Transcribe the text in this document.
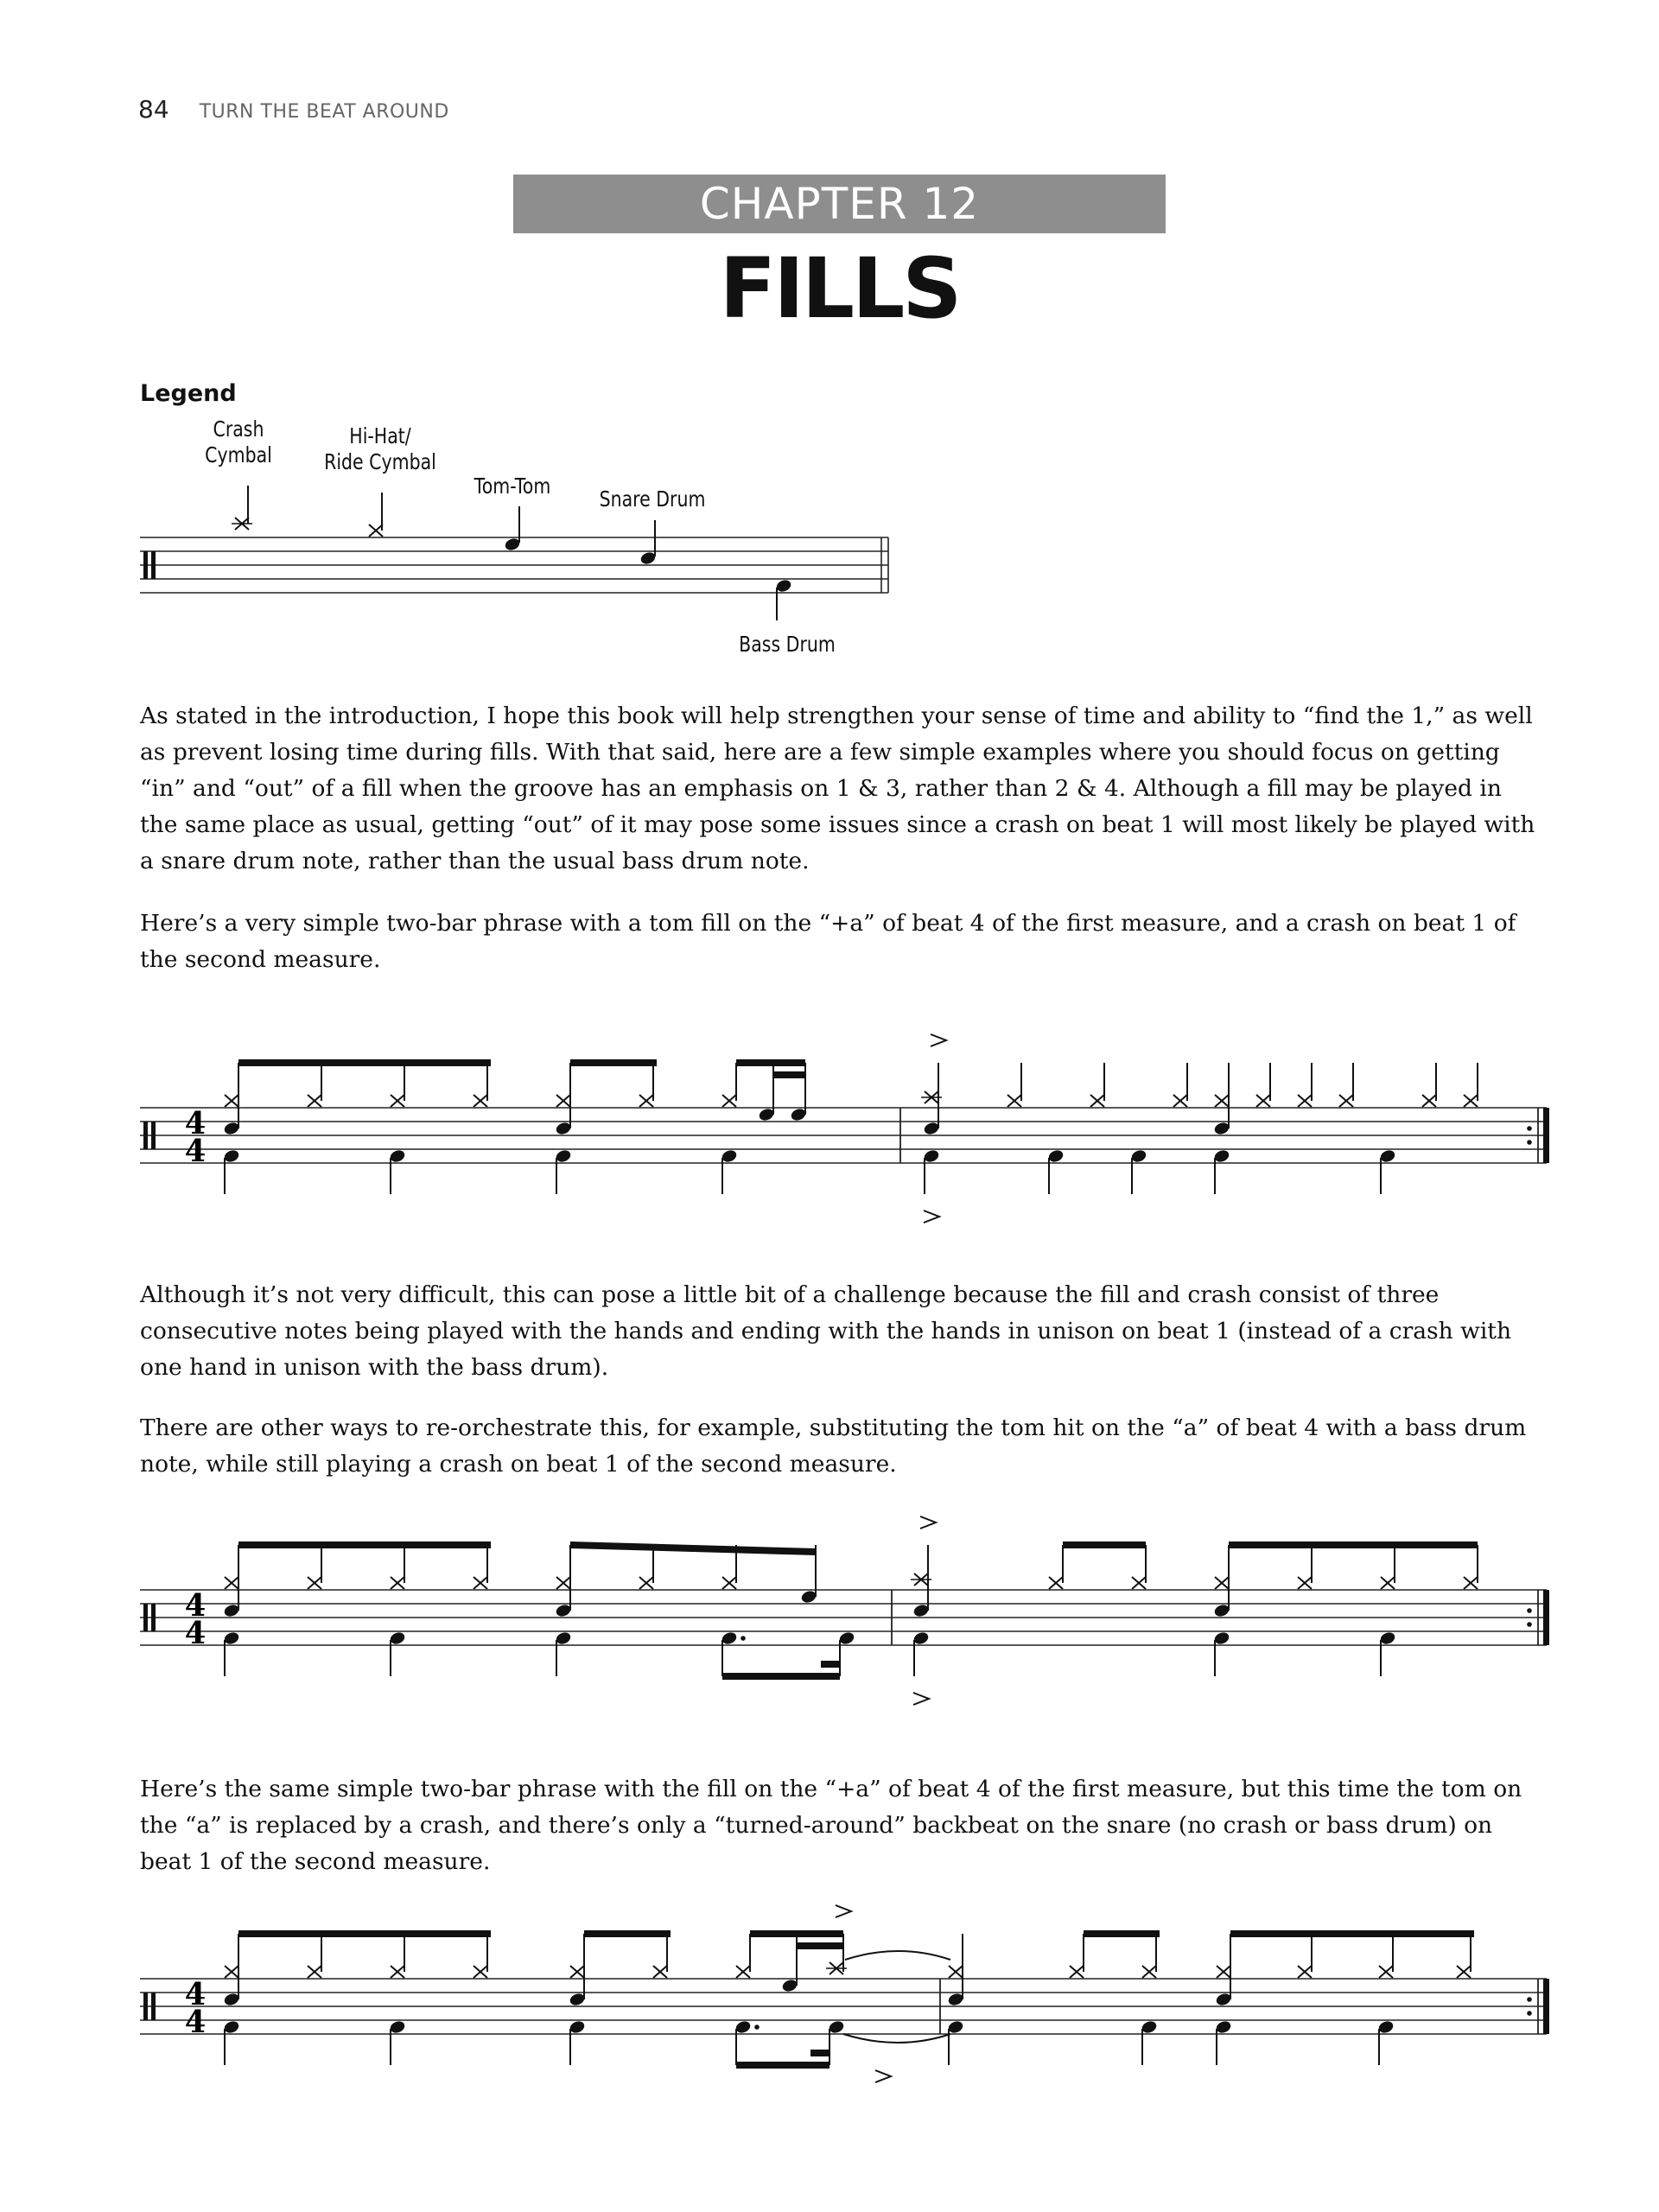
84 TURN THE BEAT AROUND
CHAPTER 12
FILLS
Legend
Crash
Cymbal
Hi-Hat/
Ride Cymbal
Tom-Tom
Snare Drum
Bass Drum

As stated in the introduction, I hope this book will help strengthen your sense of time and ability to “find the 1,” as well as prevent losing time during fills. With that said, here are a few simple examples where you should focus on getting “in” and “out” of a fill when the groove has an emphasis on 1 & 3, rather than 2 & 4. Although a fill may be played in the same place as usual, getting “out” of it may pose some issues since a crash on beat 1 will most likely be played with a snare drum note, rather than the usual bass drum note.

Here’s a very simple two-bar phrase with a tom fill on the “+a” of beat 4 of the first measure, and a crash on beat 1 of the second measure.

Although it’s not very difficult, this can pose a little bit of a challenge because the fill and crash consist of three consecutive notes being played with the hands and ending with the hands in unison on beat 1 (instead of a crash with one hand in unison with the bass drum).

There are other ways to re-orchestrate this, for example, substituting the tom hit on the “a” of beat 4 with a bass drum note, while still playing a crash on beat 1 of the second measure.

Here’s the same simple two-bar phrase with the fill on the “+a” of beat 4 of the first measure, but this time the tom on the “a” is replaced by a crash, and there’s only a “turned-around” backbeat on the snare (no crash or bass drum) on beat 1 of the second measure.

4
4
4
4
4
4
